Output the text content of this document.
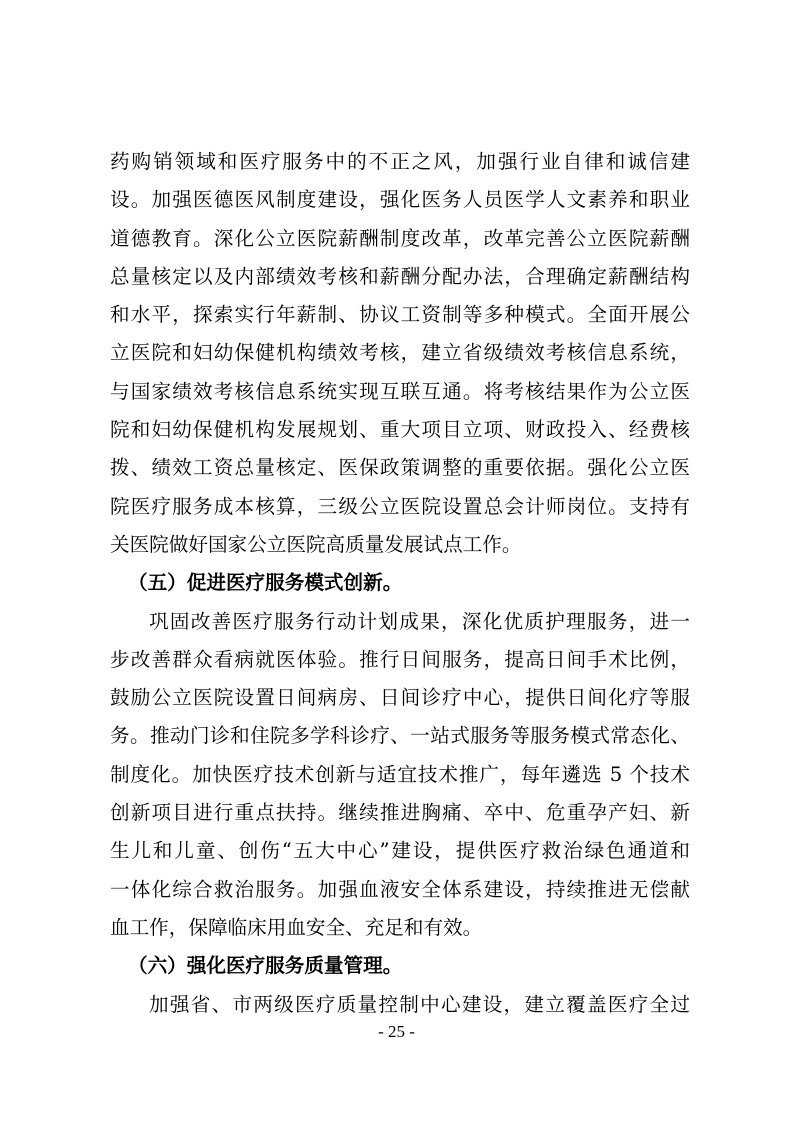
药购销领域和医疗服务中的不正之风，加强行业自律和诚信建
设。加强医德医风制度建设，强化医务人员医学人文素养和职业
道德教育。深化公立医院薪酬制度改革，改革完善公立医院薪酬
总量核定以及内部绩效考核和薪酬分配办法，合理确定薪酬结构
和水平，探索实行年薪制、协议工资制等多种模式。全面开展公
立医院和妇幼保健机构绩效考核，建立省级绩效考核信息系统，
与国家绩效考核信息系统实现互联互通。将考核结果作为公立医
院和妇幼保健机构发展规划、重大项目立项、财政投入、经费核
拨、绩效工资总量核定、医保政策调整的重要依据。强化公立医
院医疗服务成本核算，三级公立医院设置总会计师岗位。支持有
关医院做好国家公立医院高质量发展试点工作。
（五）促进医疗服务模式创新。
巩固改善医疗服务行动计划成果，深化优质护理服务，进一
步改善群众看病就医体验。推行日间服务，提高日间手术比例，
鼓励公立医院设置日间病房、日间诊疗中心，提供日间化疗等服
务。推动门诊和住院多学科诊疗、一站式服务等服务模式常态化、
制度化。加快医疗技术创新与适宜技术推广，每年遴选 5 个技术
创新项目进行重点扶持。继续推进胸痛、卒中、危重孕产妇、新
生儿和儿童、创伤“五大中心”建设，提供医疗救治绿色通道和
一体化综合救治服务。加强血液安全体系建设，持续推进无偿献
血工作，保障临床用血安全、充足和有效。
（六）强化医疗服务质量管理。
加强省、市两级医疗质量控制中心建设，建立覆盖医疗全过
- 25 -
